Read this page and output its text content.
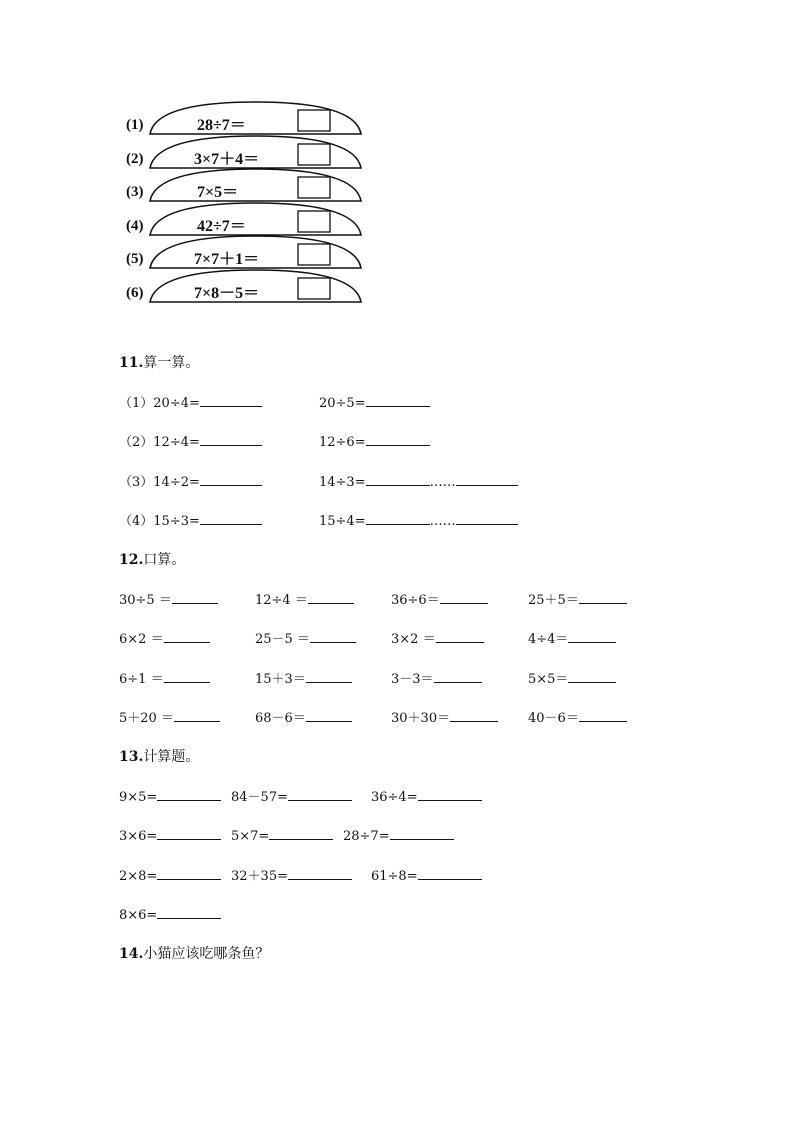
(1)	28÷7＝
(2)	3×7＋4＝
(3)	7×5＝
(4)	42÷7＝
(5)	7×7＋1＝
(6)	7×8－5＝
11.算一算。
（1）20÷4=	20÷5=
（2）12÷4=	12÷6=
（3）14÷2=	14÷3=	……
（4）15÷3=	15÷4=	……
12.口算。
30÷5 ＝	12÷4 ＝	36÷6＝	25＋5＝
6×2 ＝	25－5 ＝	3×2 ＝	4÷4＝
6÷1 ＝	15＋3＝	3－3＝	5×5＝
5＋20 ＝	68－6＝	30＋30＝	40－6＝
13.计算题。
9×5=	84－57=	36÷4=
3×6=	5×7=	28÷7=
2×8=	32＋35=	61÷8=
8×6=
14.小猫应该吃哪条鱼？
